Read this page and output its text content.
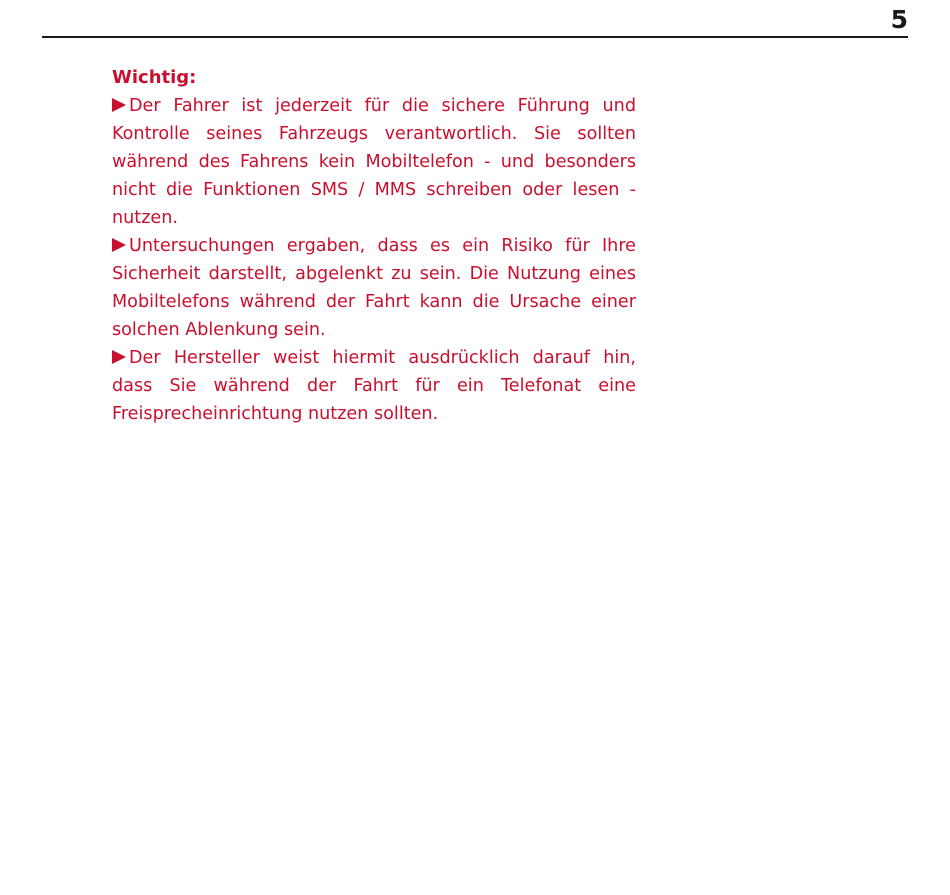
5

Wichtig:

Der Fahrer ist jederzeit für die sichere Führung und Kontrolle seines Fahrzeugs verantwortlich. Sie sollten während des Fahrens kein Mobiltelefon - und besonders nicht die Funktionen SMS / MMS schreiben oder lesen - nutzen.

Untersuchungen ergaben, dass es ein Risiko für Ihre Sicherheit darstellt, abgelenkt zu sein. Die Nutzung eines Mobiltelefons während der Fahrt kann die Ursache einer solchen Ablenkung sein.

Der Hersteller weist hiermit ausdrücklich darauf hin, dass Sie während der Fahrt für ein Telefonat eine Freisprecheinrichtung nutzen sollten.
